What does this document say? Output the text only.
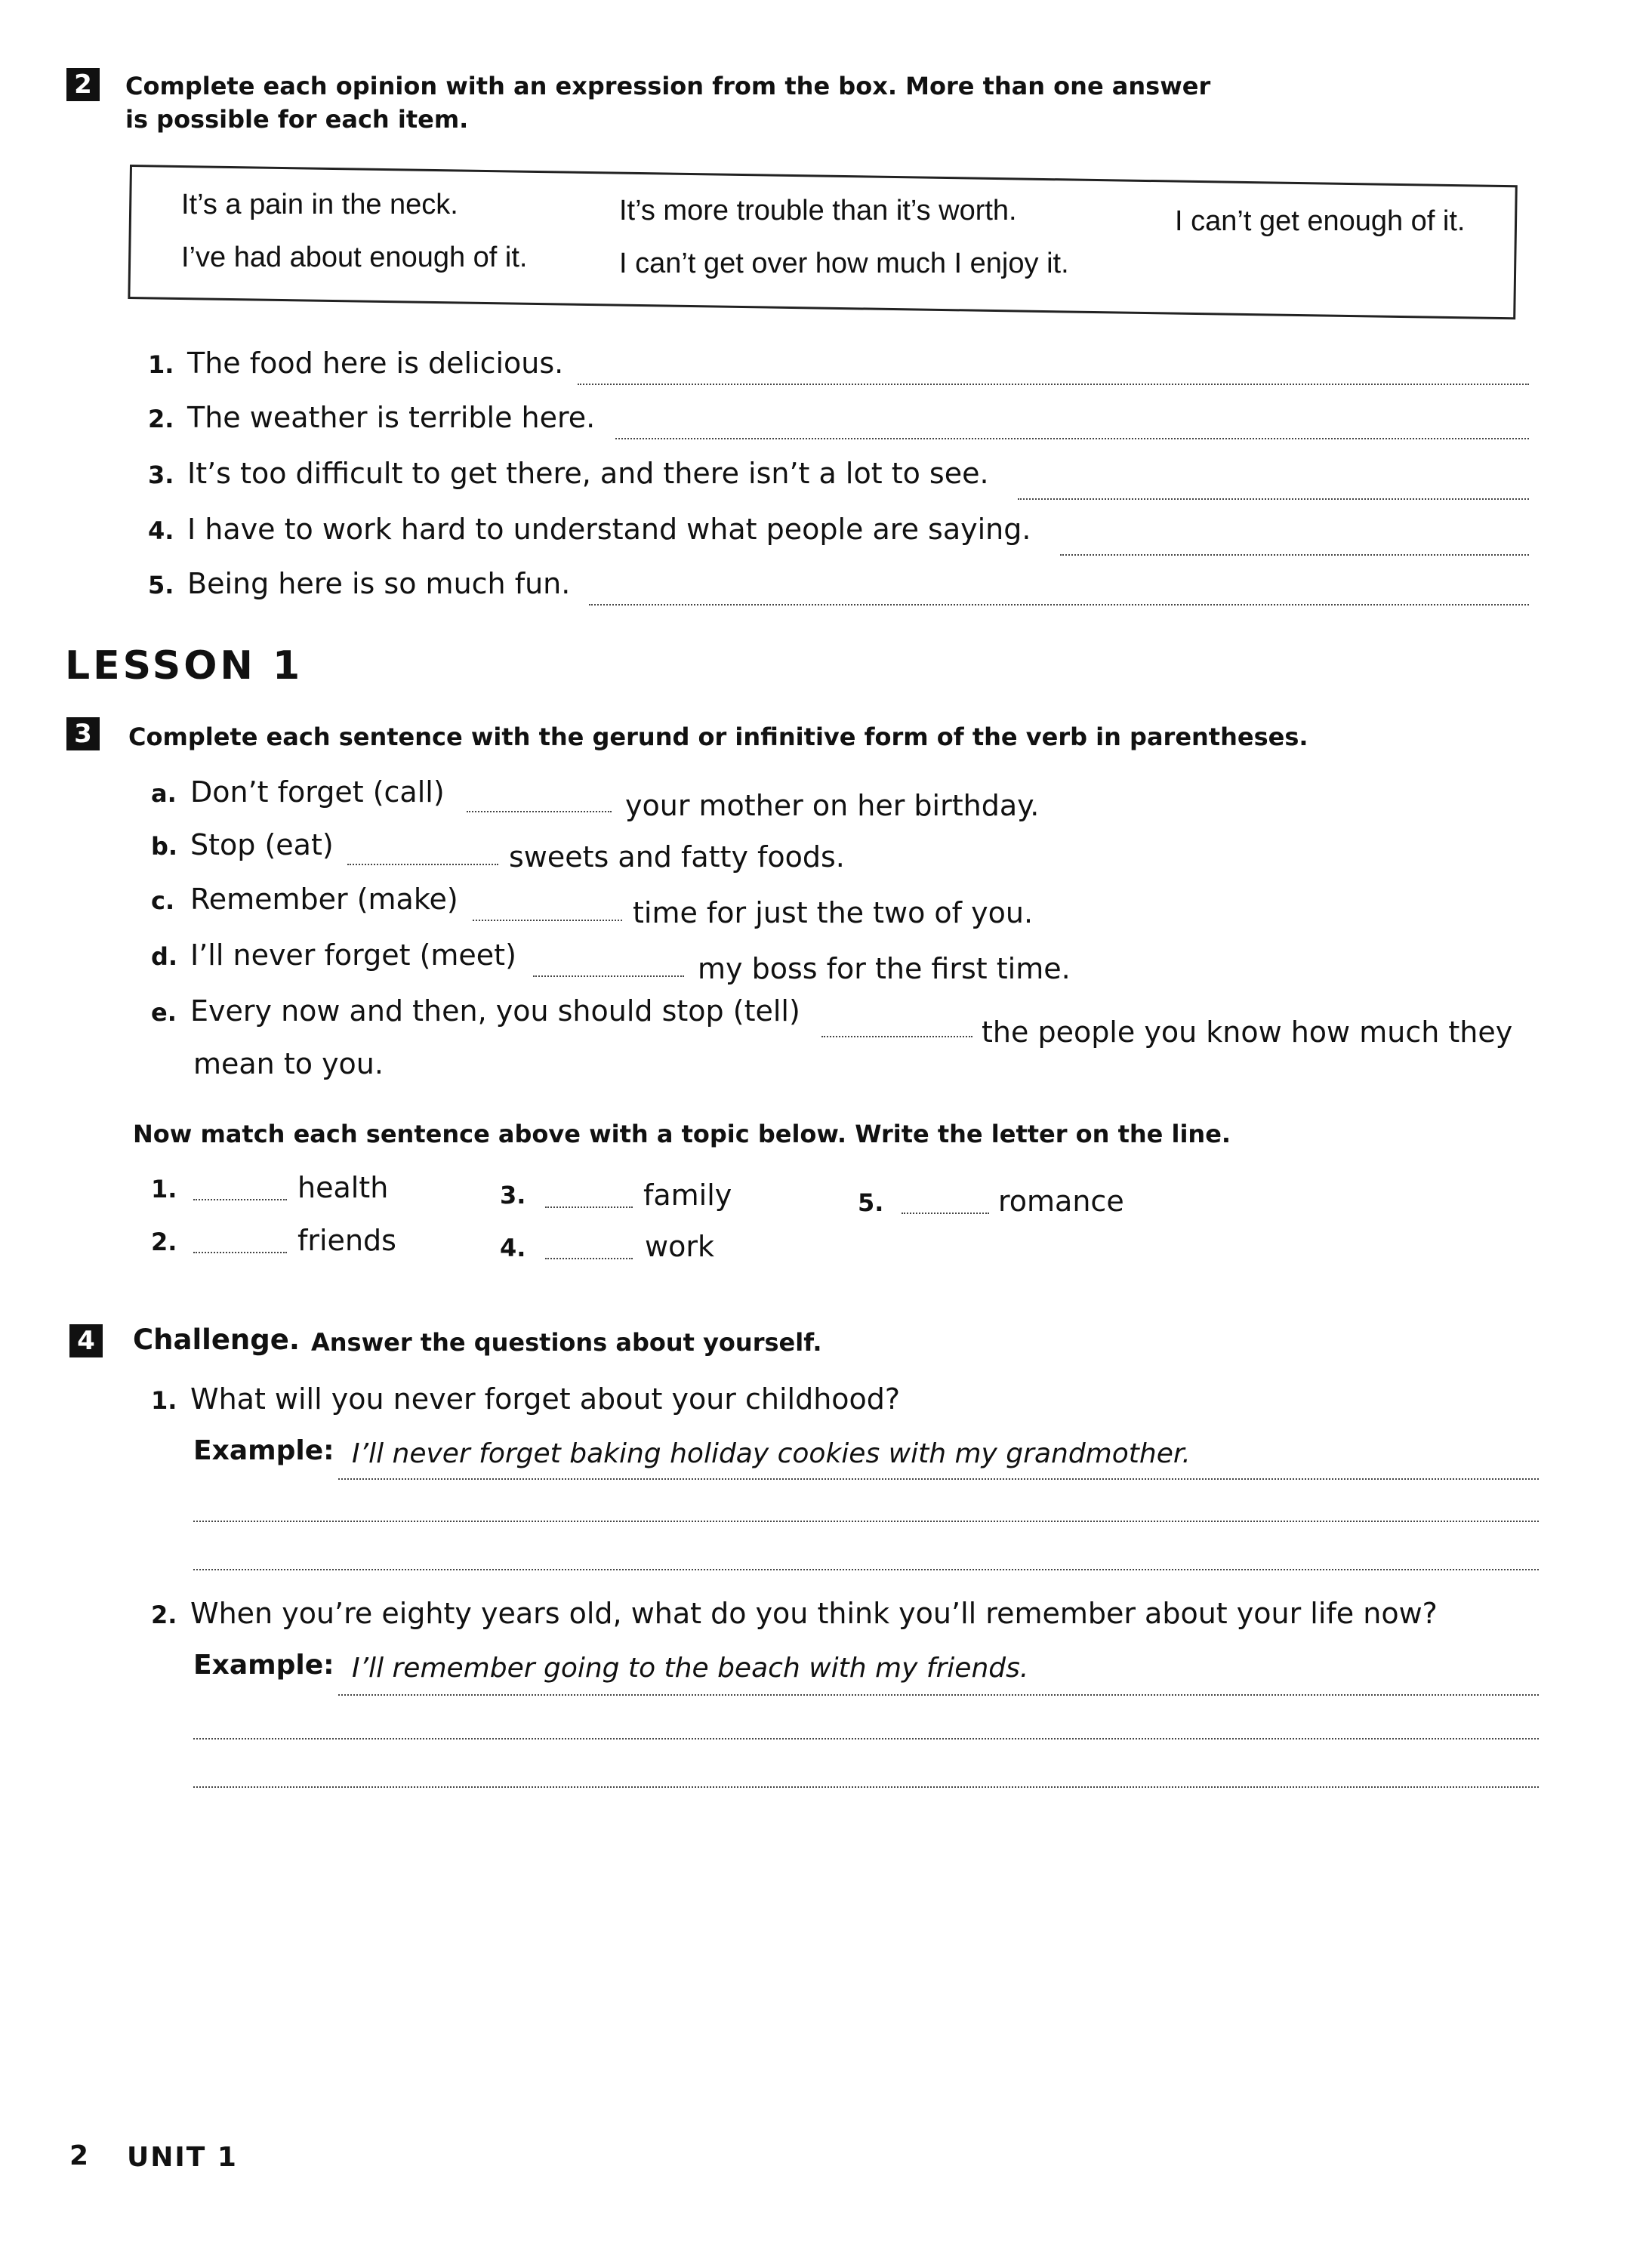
2	Complete each opinion with an expression from the box. More than one answer
is possible for each item.
It’s a pain in the neck.	It’s more trouble than it’s worth.	I can’t get enough of it.
I’ve had about enough of it.	I can’t get over how much I enjoy it.
1. The food here is delicious.
2. The weather is terrible here.
3. It’s too difficult to get there, and there isn’t a lot to see.
4. I have to work hard to understand what people are saying.
5. Being here is so much fun.
LESSON 1
3	Complete each sentence with the gerund or infinitive form of the verb in parentheses.
a. Don’t forget (call)	your mother on her birthday.
b. Stop (eat)	sweets and fatty foods.
c. Remember (make)	time for just the two of you.
d. I’ll never forget (meet)	my boss for the first time.
e. Every now and then, you should stop (tell)
the people you know how much they
mean to you.
Now match each sentence above with a topic below. Write the letter on the line.
1.	health
2.	friends
3.	family
4.	work
5.	romance
4 Challenge. Answer the questions about yourself.
1. What will you never forget about your childhood?
Example: I’ll never forget baking holiday cookies with my grandmother.
2. When you’re eighty years old, what do you think you’ll remember about your life now?
Example: I’ll remember going to the beach with my friends.
2 UNIT 1
